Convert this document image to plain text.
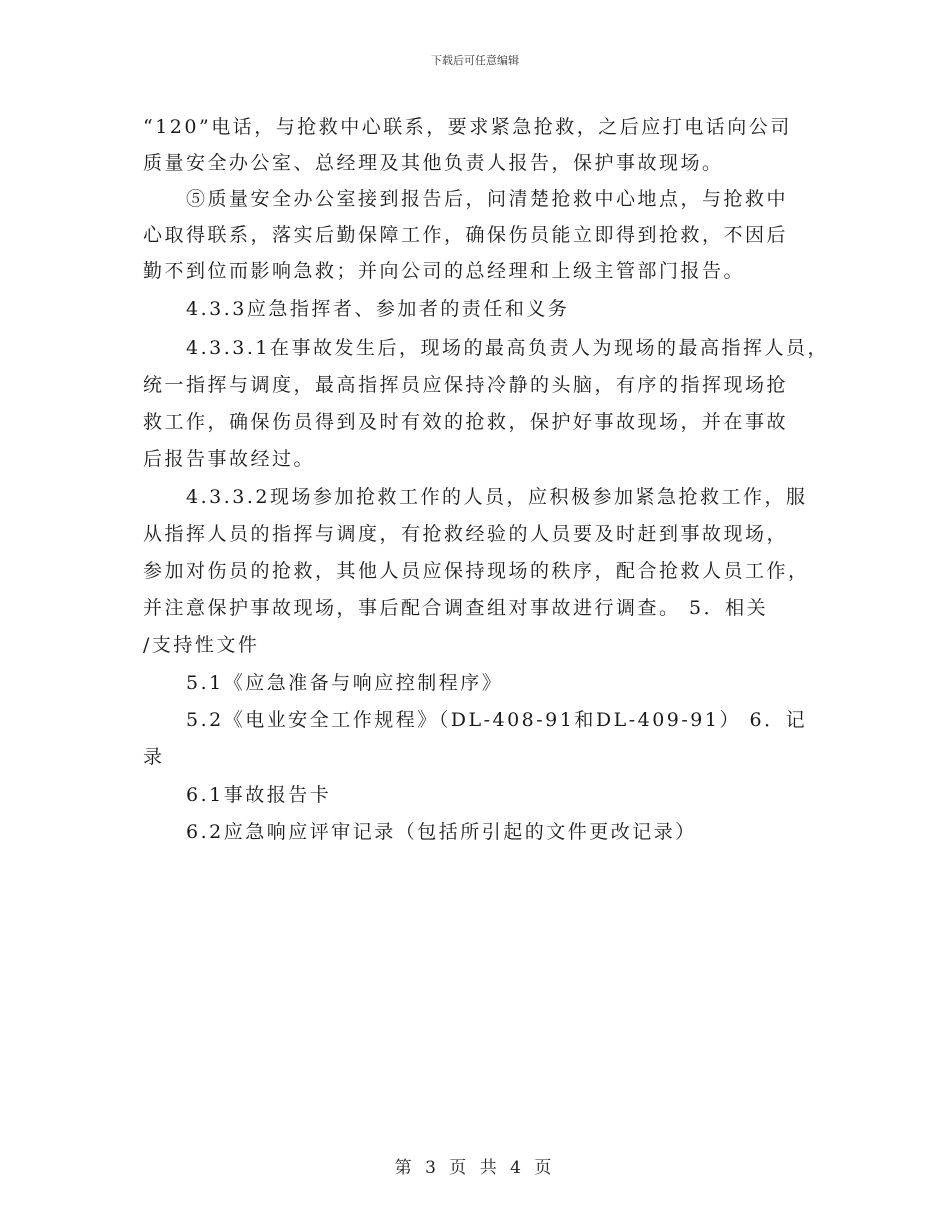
下载后可任意编辑
“120”电话，与抢救中心联系，要求紧急抢救，之后应打电话向公司
质量安全办公室、总经理及其他负责人报告，保护事故现场。
⑤质量安全办公室接到报告后，问清楚抢救中心地点，与抢救中
心取得联系，落实后勤保障工作，确保伤员能立即得到抢救，不因后
勤不到位而影响急救；并向公司的总经理和上级主管部门报告。
4.3.3应急指挥者、参加者的责任和义务
4.3.3.1在事故发生后，现场的最高负责人为现场的最高指挥人员，
统一指挥与调度，最高指挥员应保持冷静的头脑，有序的指挥现场抢
救工作，确保伤员得到及时有效的抢救，保护好事故现场，并在事故
后报告事故经过。
4.3.3.2现场参加抢救工作的人员，应积极参加紧急抢救工作，服
从指挥人员的指挥与调度，有抢救经验的人员要及时赶到事故现场，
参加对伤员的抢救，其他人员应保持现场的秩序，配合抢救人员工作，
并注意保护事故现场，事后配合调查组对事故进行调查。 5．相关
/支持性文件
5.1《应急准备与响应控制程序》
5.2《电业安全工作规程》（DL-408-91和DL-409-91） 6．记
录
6.1事故报告卡
6.2应急响应评审记录（包括所引起的文件更改记录）
第 3 页 共 4 页
